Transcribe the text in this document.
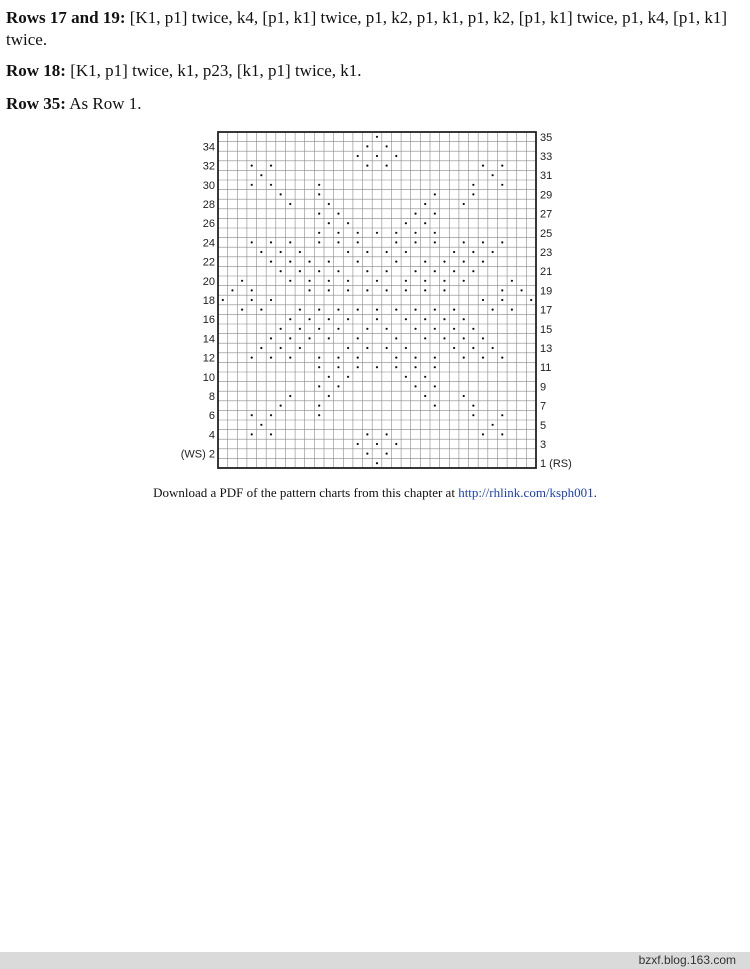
Rows 17 and 19: [K1, p1] twice, k4, [p1, k1] twice, p1, k2, p1, k1, p1, k2, [p1, k1] twice, p1, k4, [p1, k1] twice.

Row 18: [K1, p1] twice, k1, p23, [k1, p1] twice, k1.

Row 35: As Row 1.

34
32
30
28
26
24
22
20
18
16
14
12
10
8
6
4
(WS) 2
35
33
31
29
27
25
23
21
19
17
15
13
11
9
7
5
3
1 (RS)
Download a PDF of the pattern charts from this chapter at http://rhlink.com/ksph001.
bzxf.blog.163.com
